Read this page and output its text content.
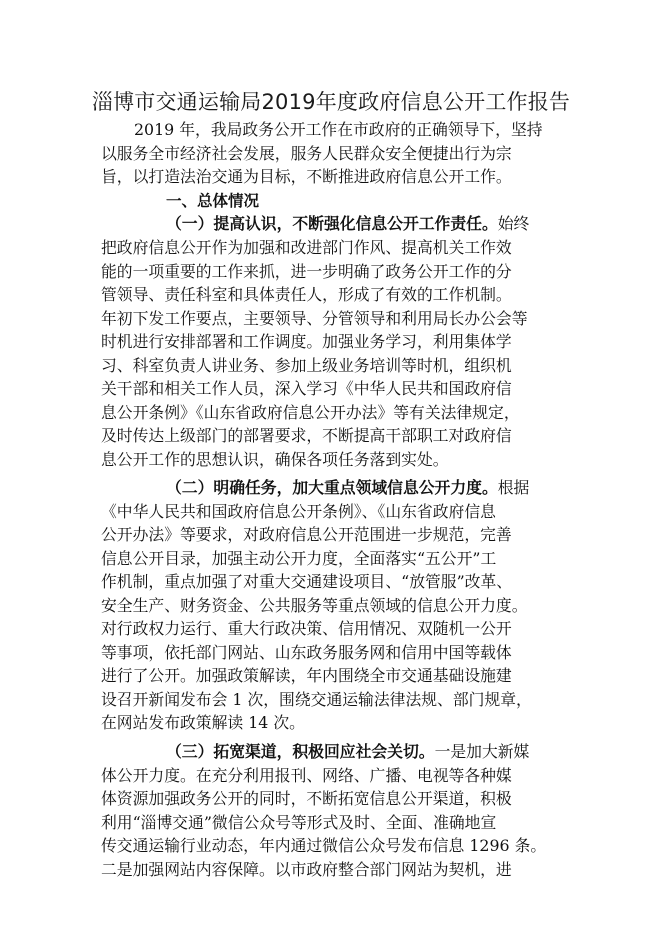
淄博市交通运输局2019年度政府信息公开工作报告
2019 年，我局政务公开工作在市政府的正确领导下，坚持
以服务全市经济社会发展，服务人民群众安全便捷出行为宗
旨，以打造法治交通为目标，不断推进政府信息公开工作。
一、总体情况
（一）提高认识，不断强化信息公开工作责任。始终
把政府信息公开作为加强和改进部门作风、提高机关工作效
能的一项重要的工作来抓，进一步明确了政务公开工作的分
管领导、责任科室和具体责任人，形成了有效的工作机制。
年初下发工作要点，主要领导、分管领导和利用局长办公会等
时机进行安排部署和工作调度。加强业务学习，利用集体学
习、科室负责人讲业务、参加上级业务培训等时机，组织机
关干部和相关工作人员，深入学习《中华人民共和国政府信
息公开条例》《山东省政府信息公开办法》等有关法律规定，
及时传达上级部门的部署要求，不断提高干部职工对政府信
息公开工作的思想认识，确保各项任务落到实处。
（二）明确任务，加大重点领域信息公开力度。根据
《中华人民共和国政府信息公开条例》、《山东省政府信息
公开办法》等要求，对政府信息公开范围进一步规范，完善
信息公开目录，加强主动公开力度，全面落实“五公开”工
作机制，重点加强了对重大交通建设项目、“放管服”改革、
安全生产、财务资金、公共服务等重点领域的信息公开力度。
对行政权力运行、重大行政决策、信用情况、双随机一公开
等事项，依托部门网站、山东政务服务网和信用中国等载体
进行了公开。加强政策解读，年内围绕全市交通基础设施建
设召开新闻发布会 1 次，围绕交通运输法律法规、部门规章，
在网站发布政策解读 14 次。
（三）拓宽渠道，积极回应社会关切。一是加大新媒
体公开力度。在充分利用报刊、网络、广播、电视等各种媒
体资源加强政务公开的同时，不断拓宽信息公开渠道，积极
利用“淄博交通”微信公众号等形式及时、全面、准确地宣
传交通运输行业动态，年内通过微信公众号发布信息 1296 条。
二是加强网站内容保障。以市政府整合部门网站为契机，进
